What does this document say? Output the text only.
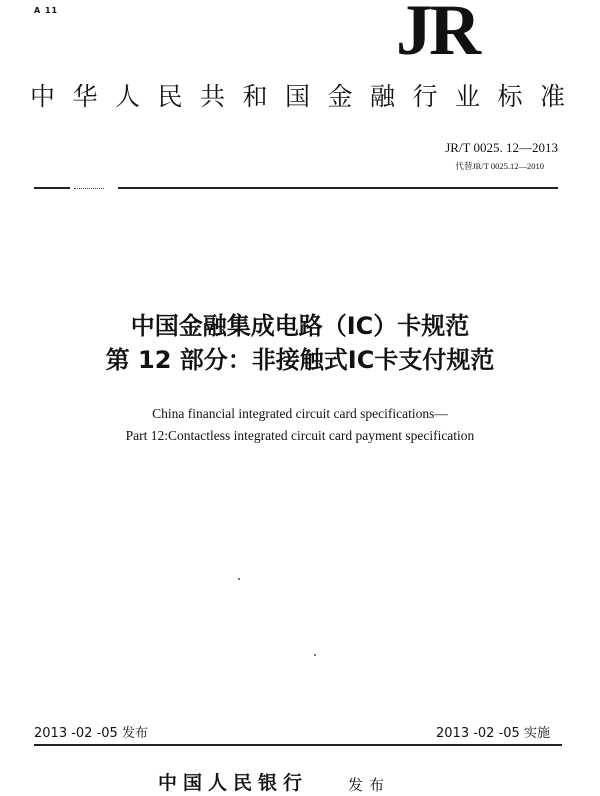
A 11	JR
中华人民共和国金融行业标准
JR/T 0025. 12—2013
代替JR/T 0025.12—2010
中国金融集成电路（IC）卡规范
第 12 部分：非接触式IC卡支付规范
China financial integrated circuit card specifications—
Part 12:Contactless integrated circuit card payment specification
2013 -02 -05 发布	2013 -02 -05 实施
中国人民银行	发布
